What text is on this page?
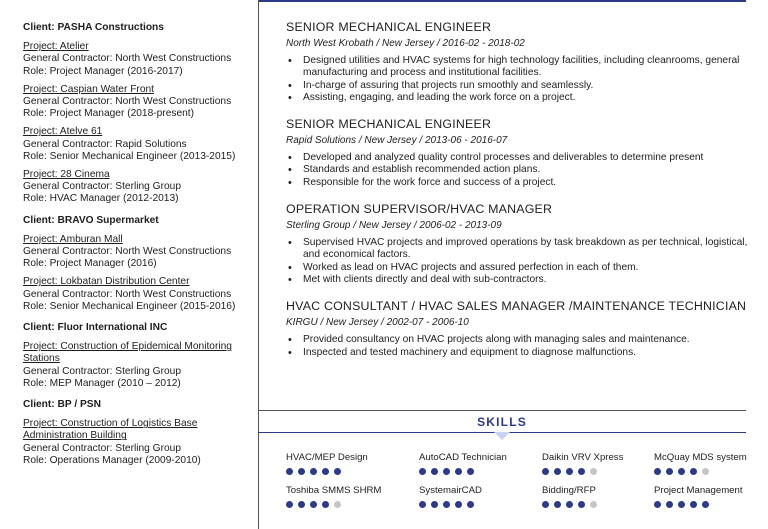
Client: PASHA Constructions
Project: Atelier
General Contractor: North West Constructions
Role: Project Manager (2016-2017)
Project: Caspian Water Front
General Contractor: North West Constructions
Role: Project Manager (2018-present)
Project: Atelve 61
General Contractor: Rapid Solutions
Role: Senior Mechanical Engineer (2013-2015)
Project: 28 Cinema
General Contractor: Sterling Group
Role: HVAC Manager (2012-2013)
Client: BRAVO Supermarket
Project: Amburan Mall
General Contractor: North West Constructions
Role: Project Manager (2016)
Project: Lokbatan Distribution Center
General Contractor: North West Constructions
Role: Senior Mechanical Engineer (2015-2016)
Client: Fluor International INC
Project: Construction of Epidemical Monitoring Stations
General Contractor: Sterling Group
Role: MEP Manager (2010 – 2012)
Client: BP / PSN
Project: Construction of Logistics Base Administration Building
General Contractor: Sterling Group
Role: Operations Manager (2009-2010)
SENIOR MECHANICAL ENGINEER
North West Krobath / New Jersey / 2016-02 - 2018-02
• Designed utilities and HVAC systems for high technology facilities, including cleanrooms, general manufacturing and process and institutional facilities.
• In-charge of assuring that projects run smoothly and seamlessly.
• Assisting, engaging, and leading the work force on a project.
SENIOR MECHANICAL ENGINEER
Rapid Solutions / New Jersey / 2013-06 - 2016-07
• Developed and analyzed quality control processes and deliverables to determine present
• Standards and establish recommended action plans.
• Responsible for the work force and success of a project.
OPERATION SUPERVISOR/HVAC MANAGER
Sterling Group / New Jersey / 2006-02 - 2013-09
• Supervised HVAC projects and improved operations by task breakdown as per technical, logistical, and economical factors.
• Worked as lead on HVAC projects and assured perfection in each of them.
• Met with clients directly and deal with sub-contractors.
HVAC CONSULTANT / HVAC SALES MANAGER /MAINTENANCE TECHNICIAN
KIRGU / New Jersey / 2002-07 - 2006-10
• Provided consultancy on HVAC projects along with managing sales and maintenance.
• Inspected and tested machinery and equipment to diagnose malfunctions.
SKILLS
HVAC/MEP Design	AutoCAD Technician	Daikin VRV Xpress	McQuay MDS system
Toshiba SMMS SHRM	SystemairCAD	Bidding/RFP	Project Management
